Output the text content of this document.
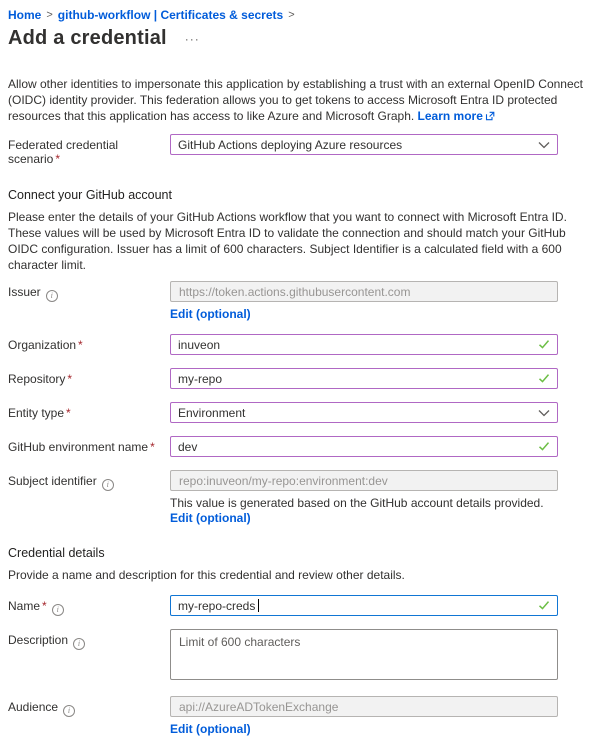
Home > github-workflow | Certificates & secrets >
Add a credential ···
Allow other identities to impersonate this application by establishing a trust with an external OpenID Connect (OIDC) identity provider. This federation allows you to get tokens to access Microsoft Entra ID protected resources that this application has access to like Azure and Microsoft Graph. Learn more
Federated credential scenario *
GitHub Actions deploying Azure resources
Connect your GitHub account
Please enter the details of your GitHub Actions workflow that you want to connect with Microsoft Entra ID. These values will be used by Microsoft Entra ID to validate the connection and should match your GitHub OIDC configuration. Issuer has a limit of 600 characters. Subject Identifier is a calculated field with a 600 character limit.
Issuer i
https://token.actions.githubusercontent.com Edit (optional)
Organization *
inuveon
Repository *
my-repo
Entity type *	Environment
GitHub environment name *
dev
Subject identifier i
repo:inuveon/my-repo:environment:dev
This value is generated based on the GitHub account details provided. Edit (optional)
Credential details
Provide a name and description for this credential and review other details.
Name * i
my-repo-creds
Description i
Limit of 600 characters
Audience i
api://AzureADTokenExchange Edit (optional)
